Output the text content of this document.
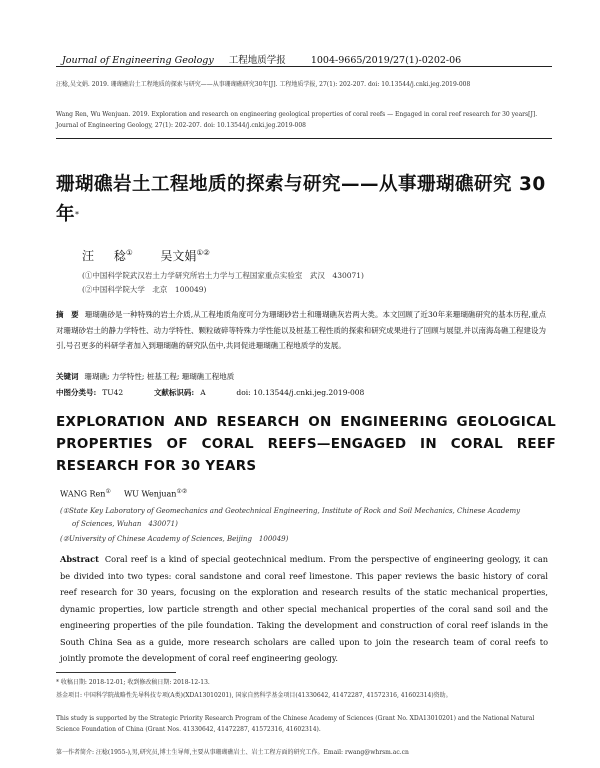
Journal of Engineering Geology 工程地质学报	1004-9665/2019/27(1)-0202-06
汪稔,吴文娟. 2019. 珊瑚礁岩土工程地质的探索与研究——从事珊瑚礁研究30年[J]. 工程地质学报, 27(1): 202-207. doi: 10.13544/j.cnki.jeg.2019-008
Wang Ren, Wu Wenjuan. 2019. Exploration and research on engineering geological properties of coral reefs — Engaged in coral reef research for 30 years[J]. Journal of Engineering Geology, 27(1): 202-207. doi: 10.13544/j.cnki.jeg.2019-008
珊瑚礁岩土工程地质的探索与研究——从事珊瑚礁研究 30 年*
汪 稔① 吴文娟①②
(①中国科学院武汉岩土力学研究所岩土力学与工程国家重点实验室　武汉　430071)
(②中国科学院大学　北京　100049)
摘　要 珊瑚礁砂是一种特殊的岩土介质,从工程地质角度可分为珊瑚砂岩土和珊瑚礁灰岩两大类。本文回顾了近30年来珊瑚礁研究的基本历程,重点对珊瑚砂岩土的静力学特性、动力学特性、颗粒破碎等特殊力学性能以及桩基工程性质的探索和研究成果进行了回顾与展望,并以南海岛礁工程建设为引,号召更多的科研学者加入到珊瑚礁的研究队伍中,共同促进珊瑚礁工程地质学的发展。
关键词 珊瑚礁; 力学特性; 桩基工程; 珊瑚礁工程地质
中图分类号: TU42	文献标识码: A	doi: 10.13544/j.cnki.jeg.2019-008
EXPLORATION AND RESEARCH ON ENGINEERING GEOLOGICAL PROPERTIES OF CORAL REEFS—ENGAGED IN CORAL REEF RESEARCH FOR 30 YEARS
WANG Ren① WU Wenjuan①②
(①State Key Laboratory of Geomechanics and Geotechnical Engineering, Institute of Rock and Soil Mechanics, Chinese Academy
of Sciences, Wuhan　430071)
(②University of Chinese Academy of Sciences, Beijing　100049)
Abstract Coral reef is a kind of special geotechnical medium. From the perspective of engineering geology, it can be divided into two types: coral sandstone and coral reef limestone. This paper reviews the basic history of coral reef research for 30 years, focusing on the exploration and research results of the static mechanical properties, dynamic properties, low particle strength and other special mechanical properties of the coral sand soil and the engineering properties of the pile foundation. Taking the development and construction of coral reef islands in the South China Sea as a guide, more research scholars are called upon to join the research team of coral reefs to jointly promote the development of coral reef engineering geology.
* 收稿日期: 2018-12-01; 收到修改稿日期: 2018-12-13.
基金项目: 中国科学院战略性先导科技专项(A类)(XDA13010201), 国家自然科学基金项目(41330642, 41472287, 41572316, 41602314)资助。
This study is supported by the Strategic Priority Research Program of the Chinese Academy of Sciences (Grant No. XDA13010201) and the National Natural Science Foundation of China (Grant Nos. 41330642, 41472287, 41572316, 41602314).
第一作者简介: 汪稔(1955-),男,研究员,博士生导师,主要从事珊瑚礁岩土、岩土工程方面的研究工作。Email: rwang@whrsm.ac.cn
